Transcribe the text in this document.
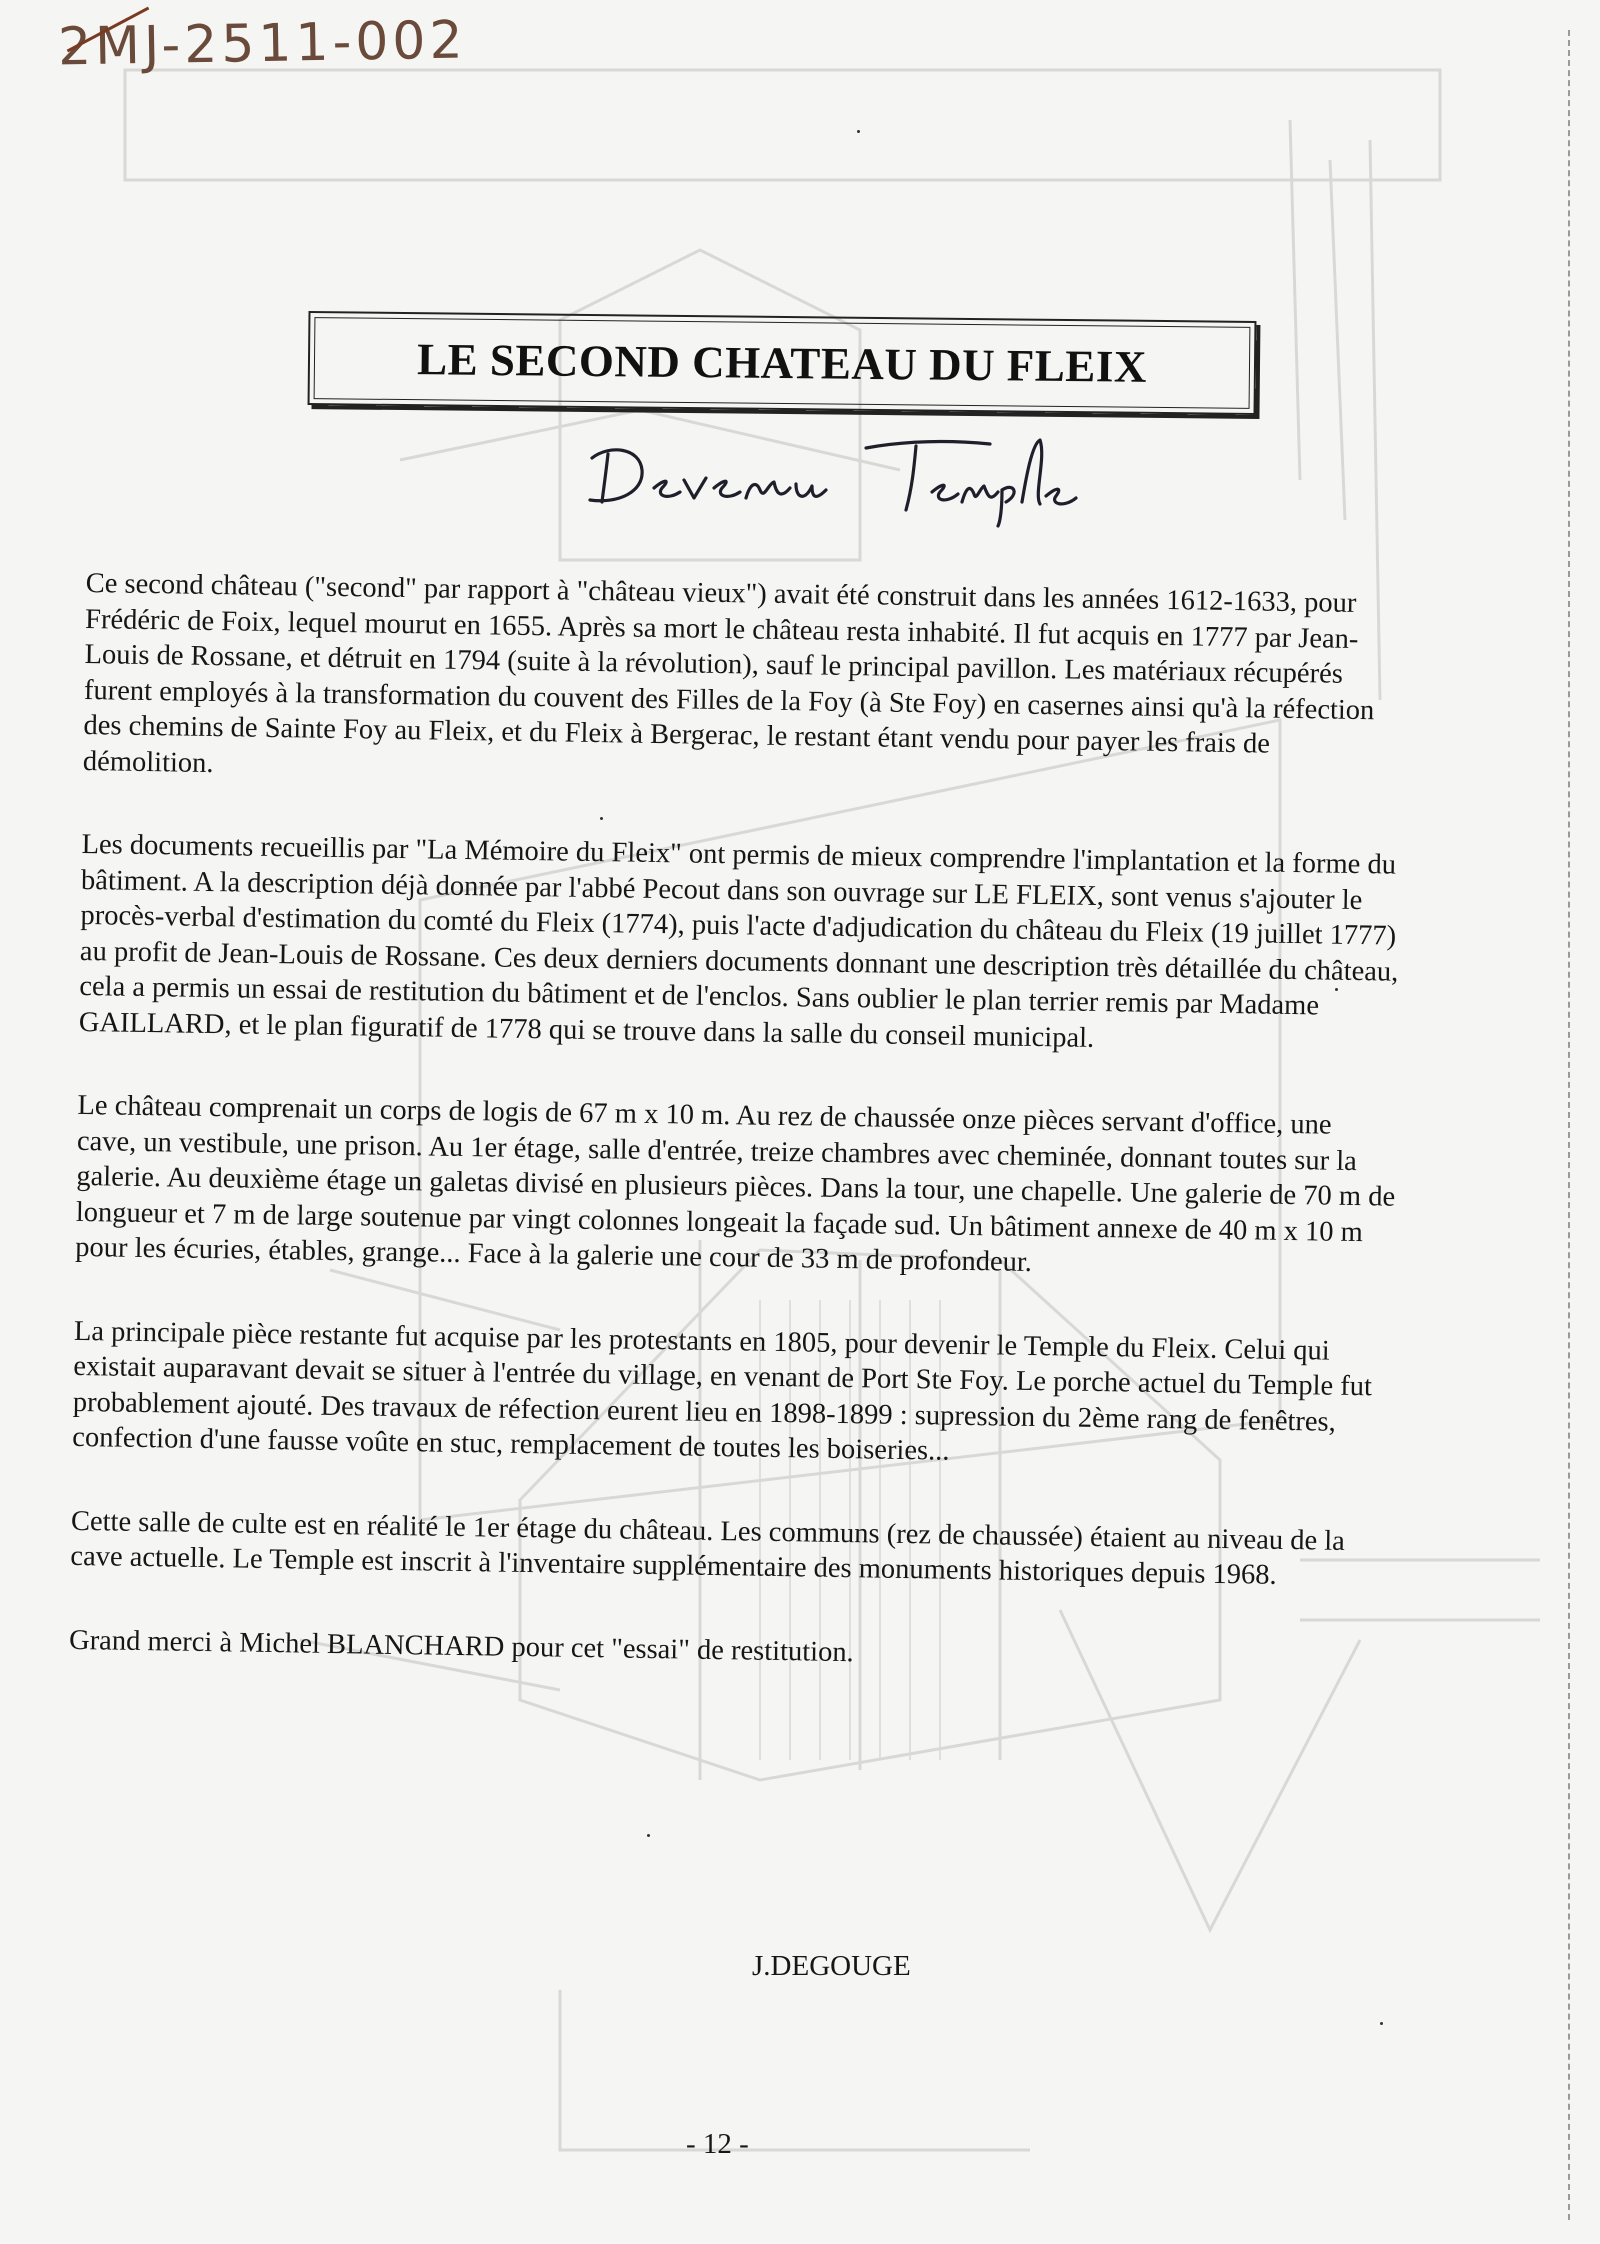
2MJ-2511-002
LE SECOND CHATEAU DU FLEIX

Ce second château ("second" par rapport à "château vieux") avait été construit dans les années 1612-1633, pour Frédéric de Foix, lequel mourut en 1655. Après sa mort le château resta inhabité. Il fut acquis en 1777 par Jean-Louis de Rossane, et détruit en 1794 (suite à la révolution), sauf le principal pavillon. Les matériaux récupérés furent employés à la transformation du couvent des Filles de la Foy (à Ste Foy) en casernes ainsi qu'à la réfection des chemins de Sainte Foy au Fleix, et du Fleix à Bergerac, le restant étant vendu pour payer les frais de démolition.

Les documents recueillis par "La Mémoire du Fleix" ont permis de mieux comprendre l'implantation et la forme du bâtiment. A la description déjà donnée par l'abbé Pecout dans son ouvrage sur LE FLEIX, sont venus s'ajouter le procès-verbal d'estimation du comté du Fleix (1774), puis l'acte d'adjudication du château du Fleix (19 juillet 1777) au profit de Jean-Louis de Rossane. Ces deux derniers documents donnant une description très détaillée du château, cela a permis un essai de restitution du bâtiment et de l'enclos. Sans oublier le plan terrier remis par Madame GAILLARD, et le plan figuratif de 1778 qui se trouve dans la salle du conseil municipal.

Le château comprenait un corps de logis de 67 m x 10 m. Au rez de chaussée onze pièces servant d'office, une cave, un vestibule, une prison. Au 1er étage, salle d'entrée, treize chambres avec cheminée, donnant toutes sur la galerie. Au deuxième étage un galetas divisé en plusieurs pièces. Dans la tour, une chapelle. Une galerie de 70 m de longueur et 7 m de large soutenue par vingt colonnes longeait la façade sud. Un bâtiment annexe de 40 m x 10 m pour les écuries, étables, grange... Face à la galerie une cour de 33 m de profondeur.

La principale pièce restante fut acquise par les protestants en 1805, pour devenir le Temple du Fleix. Celui qui existait auparavant devait se situer à l'entrée du village, en venant de Port Ste Foy. Le porche actuel du Temple fut probablement ajouté. Des travaux de réfection eurent lieu en 1898-1899 : supression du 2ème rang de fenêtres, confection d'une fausse voûte en stuc, remplacement de toutes les boiseries...

Cette salle de culte est en réalité le 1er étage du château. Les communs (rez de chaussée) étaient au niveau de la cave actuelle. Le Temple est inscrit à l'inventaire supplémentaire des monuments historiques depuis 1968.

Grand merci à Michel BLANCHARD pour cet "essai" de restitution.

J.DEGOUGE

- 12 -
